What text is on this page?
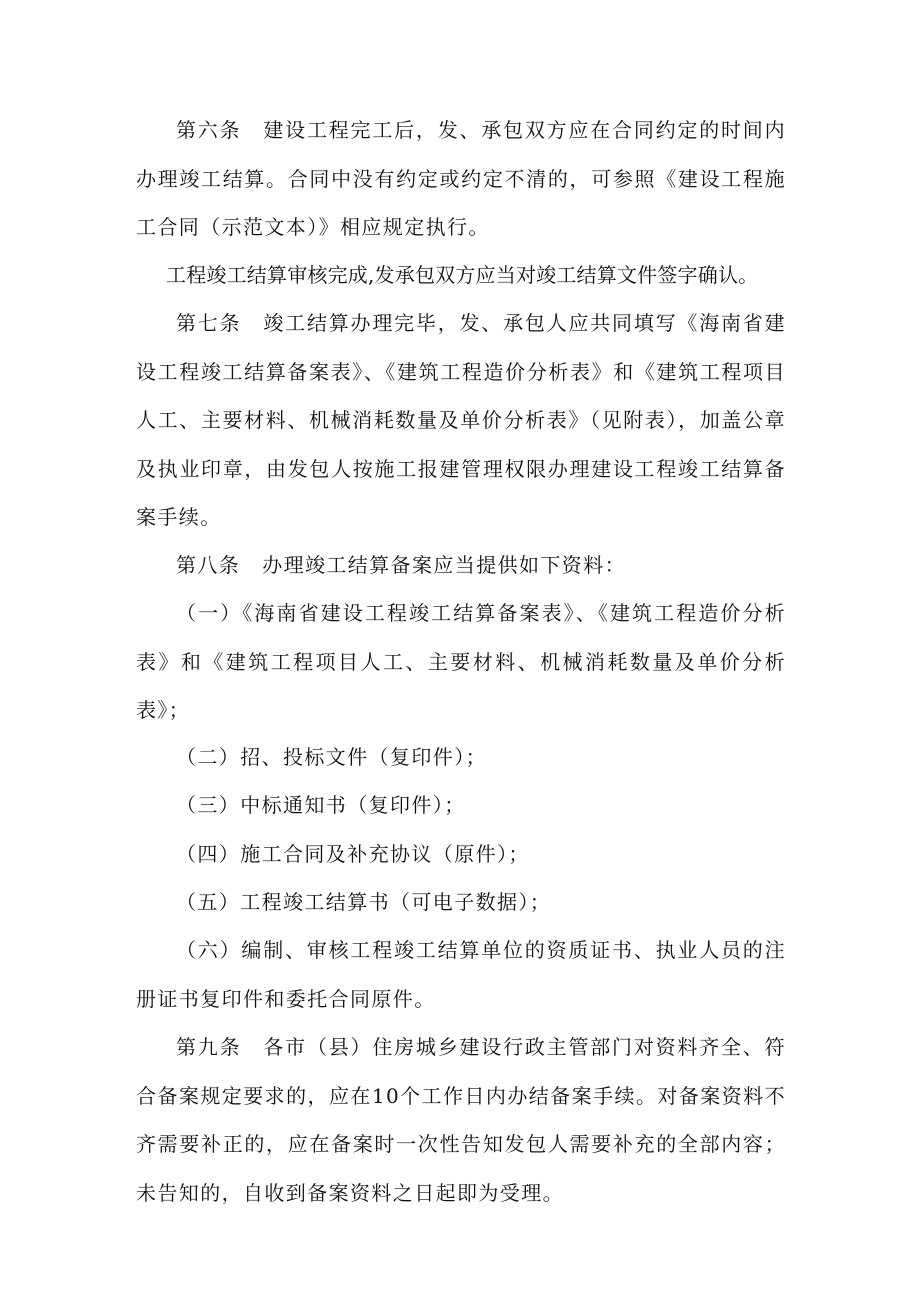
第六条 建设工程完工后，发、承包双方应在合同约定的时间内办理竣工结算。合同中没有约定或约定不清的，可参照《建设工程施工合同（示范文本）》相应规定执行。

工程竣工结算审核完成,发承包双方应当对竣工结算文件签字确认。

第七条 竣工结算办理完毕，发、承包人应共同填写《海南省建设工程竣工结算备案表》、《建筑工程造价分析表》和《建筑工程项目人工、主要材料、机械消耗数量及单价分析表》（见附表），加盖公章及执业印章，由发包人按施工报建管理权限办理建设工程竣工结算备案手续。

第八条 办理竣工结算备案应当提供如下资料：

（一）《海南省建设工程竣工结算备案表》、《建筑工程造价分析表》和《建筑工程项目人工、主要材料、机械消耗数量及单价分析表》；

（二）招、投标文件（复印件）；

（三）中标通知书（复印件）；

（四）施工合同及补充协议（原件）；

（五）工程竣工结算书（可电子数据）；

（六）编制、审核工程竣工结算单位的资质证书、执业人员的注册证书复印件和委托合同原件。

第九条 各市（县）住房城乡建设行政主管部门对资料齐全、符合备案规定要求的，应在10个工作日内办结备案手续。对备案资料不齐需要补正的，应在备案时一次性告知发包人需要补充的全部内容；未告知的，自收到备案资料之日起即为受理。
